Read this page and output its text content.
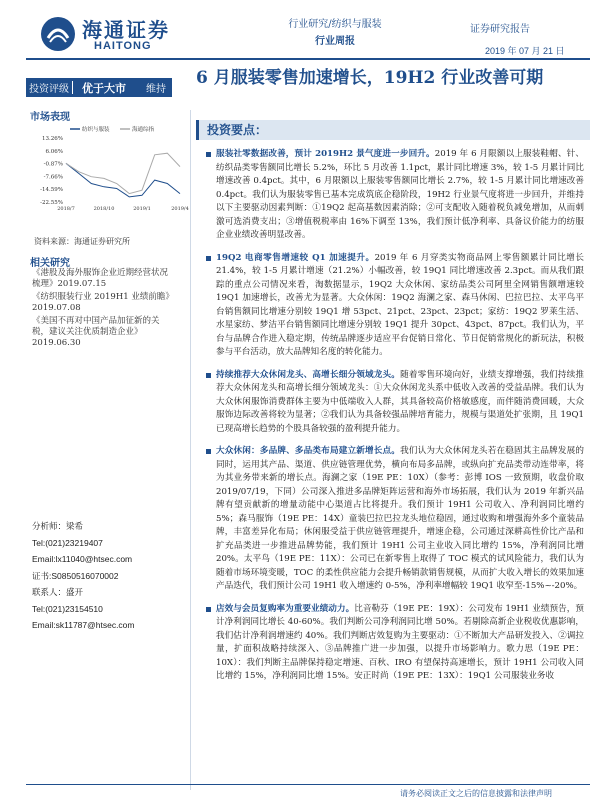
海通证券
HAITONG
行业研究/纺织与服装
行业周报
证券研究报告
2019 年 07 月 21 日
投资评级 优于大市	维持
6 月服装零售加速增长，19H2 行业改善可期
市场表现
13.26%
6.06%
-0.87%
-7.66%
-14.59%
-22.55%
2018/7	2018/10	2019/1	2019/4
纺织与服装	海通综指
资料来源：海通证券研究所
相关研究
《港股及海外服饰企业近期经营状况梳理》2019.07.15
《纺织服装行业 2019H1 业绩前瞻》2019.07.08
《美国不再对中国产品加征新的关税，建议关注优质制造企业》2019.06.30
分析师：梁希
Tel:(021)23219407
Email:lx11040@htsec.com
证书:S0850516070002
联系人：盛开
Tel:(021)23154510
Email:sk11787@htsec.com
投资要点：
服装社零数据改善，预计 2019H2 景气度进一步回升。2019 年 6 月限额以上服装鞋帽、针、纺织品类零售额同比增长 5.2%，环比 5 月改善 1.1pct，累计同比增速 3%，较 1-5 月累计同比增速改善 0.4pct。其中，6 月限额以上服装零售额同比增长 2.7%，较 1-5 月累计同比增速改善 0.4pct。我们认为服装零售已基本完成筑底企稳阶段，19H2 行业景气度将进一步回升，并维持以下主要驱动因素判断：①19Q2 起高基数因素消除；②可支配收入随着税负减免增加，从而刺激可选消费支出；③增值税税率由 16%下调至 13%，我们预计低净利率、具备议价能力的纺服企业业绩改善明显改善。
19Q2 电商零售增速较 Q1 加速提升。2019 年 6 月穿类实物商品网上零售额累计同比增长 21.4%，较 1-5 月累计增速（21.2%）小幅改善，较 19Q1 同比增速改善 2.3pct。而从我们跟踪的重点公司情况来看，淘数据显示，19Q2 大众休闲、家纺品类公司阿里全网销售额增速较 19Q1 加速增长，改善尤为显著。大众休闲：19Q2 海澜之家、森马休闲、巴拉巴拉、太平鸟平台销售额同比增速分别较 19Q1 增 53pct、21pct、23pct、23pct；家纺：19Q2 罗莱生活、水星家纺、梦洁平台销售额同比增速分别较 19Q1 提升 30pct、43pct、87pct。我们认为，平台与品牌合作进入稳定期，传统品牌逐步适应平台促销日常化、节日促销常规化的新玩法，积极参与平台活动，放大品牌知名度的转化能力。
持续推荐大众休闲龙头、高增长细分领域龙头。随着零售环境向好，业绩支撑增强，我们持续推荐大众休闲龙头和高增长细分领域龙头：①大众休闲龙头系中低收入改善的受益品牌。我们认为大众休闲服饰消费群体主要为中低端收入人群，其具备较高价格敏感度，而伴随消费回暖，大众服饰边际改善将较为显著；②我们认为具备较强品牌培育能力，规模与渠道处扩张期，且 19Q1 已现高增长趋势的个股具备较强的盈利提升能力。
大众休闲：多品牌、多品类布局建立新增长点。我们认为大众休闲龙头若在稳固其主品牌发展的同时，运用其产品、渠道、供应链管理优势，横向布局多品牌，或纵向扩充品类带动连带率，将为其业务带来新的增长点。海澜之家（19E PE：10X）（参考：彭博 IOS 一致预期，收盘价取 2019/07/19，下同）公司深入推进多品牌矩阵运营和海外市场拓展，我们认为 2019 年新兴品牌有望贡献新的增量动能中心渠道占比将提升。我们预计 19H1 公司收入、净利润同比增约 5%；森马服饰（19E PE：14X）童装巴拉巴拉龙头地位稳固，通过收购和增强海外多个童装品牌，丰富差异化布局；休闲服受益于供应链管理提升，增速企稳，公司通过深耕高性价比产品和扩充品类进一步推进品牌势能，我们预计 19H1 公司主业收入同比增约 15%，净利润同比增 20%。太平鸟（19E PE：11X）：公司已在新零售上取得了 TOC 模式的试风险能力，我们认为随着市场环境变暖，TOC 的柔性供应能力会提升畅销款销售规模，从而扩大收入增长的效果加速产品迭代，我们预计公司 19H1 收入增速约 0-5%，净利率增幅较 19Q1 收窄至-15%~-20%。
店效与会员复购率为重要业绩动力。比音勒芬（19E PE：19X）：公司发布 19H1 业绩预告，预计净利润同比增长 40-60%。我们判断公司净利润同比增 50%。若剔除高新企业税收优惠影响，我们估计净利润增速约 40%。我们判断店效复购为主要驱动：①不断加大产品研发投入、②调拉量，扩面积战略持续深入、③品牌推广进一步加强，以提升市场影响力。歌力思（19E PE：10X）：我们判断主品牌保持稳定增速、百秋、IRO 有望保持高速增长，预计 19H1 公司收入同比增约 15%，净利润同比增 15%。安正时尚（19E PE：13X）：19Q1 公司服装业务收
请务必阅读正文之后的信息披露和法律声明
